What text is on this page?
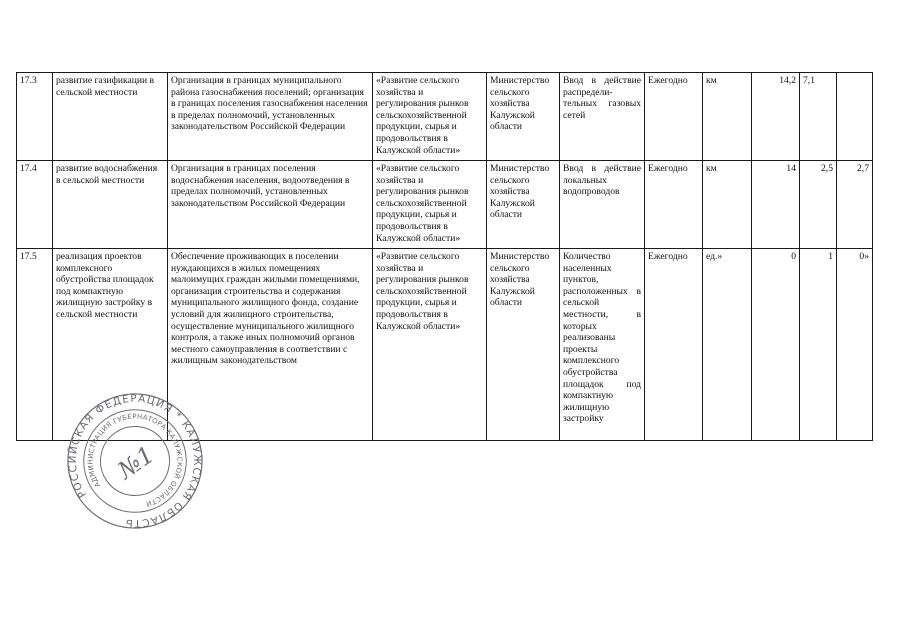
17.3	развитие газификации в сельской местности	Организация в границах муниципального района газоснабжения поселений; организация в границах поселения газоснабжения населения в пределах полномочий, установленных законодательством Российской Федерации	«Развитие сельского хозяйства и регулирования рынков сельскохозяйственной продукции, сырья и продовольствия в Калужской области»	Министерство сельского хозяйства Калужской области	Ввод в действие распредели-тельных газовых сетей	Ежегодно	км	14,2	7,1	
17.4	развитие водоснабжения в сельской местности	Организация в границах поселения водоснабжения населения, водоотведения в пределах полномочий, установленных законодательством Российской Федерации	«Развитие сельского хозяйства и регулирования рынков сельскохозяйственной продукции, сырья и продовольствия в Калужской области»	Министерство сельского хозяйства Калужской области	Ввод в действие локальных водопроводов	Ежегодно	км	14	2,5	2,7
17.5	реализация проектов комплексного обустройства площадок под компактную жилищную застройку в сельской местности	Обеспечение проживающих в поселении нуждающихся в жилых помещениях малоимущих граждан жилыми помещениями, организация строительства и содержания муниципального жилищного фонда, создание условий для жилищного строительства, осуществление муниципального жилищного контроля, а также иных полномочий органов местного самоуправления в соответствии с жилищным законодательством	«Развитие сельского хозяйства и регулирования рынков сельскохозяйственной продукции, сырья и продовольствия в Калужской области»	Министерство сельского хозяйства Калужской области	Количество населенных пунктов, расположенных в сельской местности, в которых реализованы проекты комплексного обустройства площадок под компактную жилищную застройку	Ежегодно	ед.»	0	1	0»
РОССИЙСКАЯ ФЕДЕРАЦИЯ * КАЛУЖСКАЯ ОБЛАСТЬ
АДМИНИСТРАЦИЯ ГУБЕРНАТОРА КАЛУЖСКОЙ ОБЛАСТИ
№1
